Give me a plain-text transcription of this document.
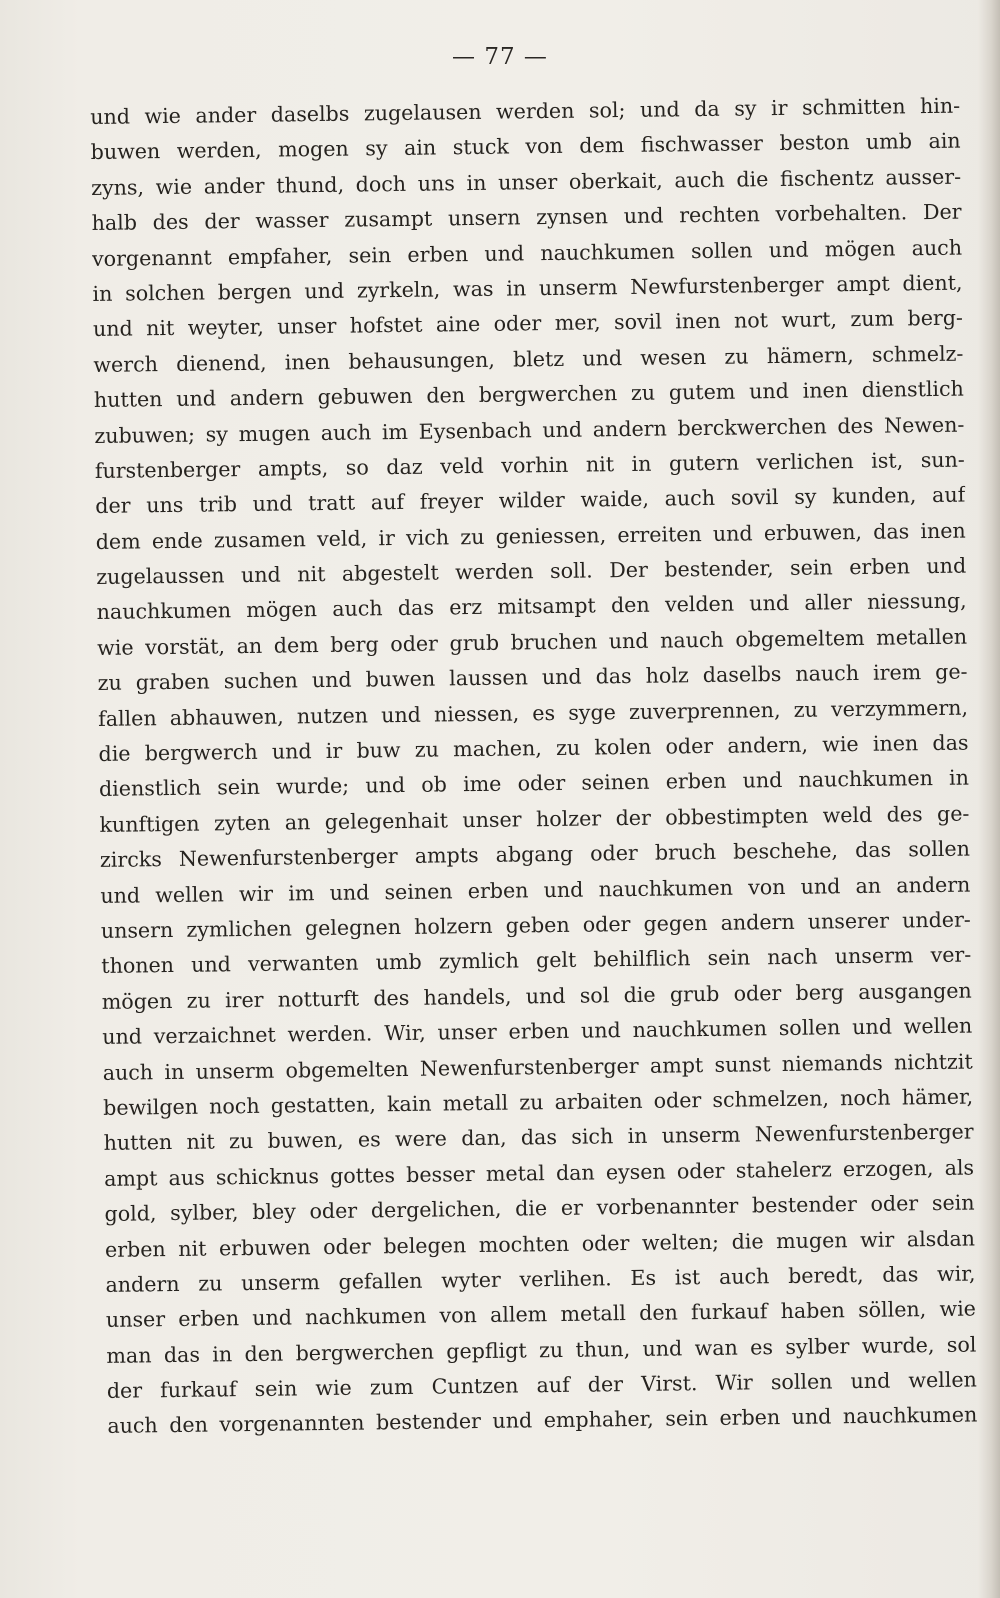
— 77 —
und wie ander daselbs zugelausen werden sol; und da sy ir schmitten hin-
buwen werden, mogen sy ain stuck von dem fischwasser beston umb ain
zyns, wie ander thund, doch uns in unser oberkait, auch die fischentz ausser-
halb des der wasser zusampt unsern zynsen und rechten vorbehalten. Der
vorgenannt empfaher, sein erben und nauchkumen sollen und mögen auch
in solchen bergen und zyrkeln, was in unserm Newfurstenberger ampt dient,
und nit weyter, unser hofstet aine oder mer, sovil inen not wurt, zum berg-
werch dienend, inen behausungen, bletz und wesen zu hämern, schmelz-
hutten und andern gebuwen den bergwerchen zu gutem und inen dienstlich
zubuwen; sy mugen auch im Eysenbach und andern berckwerchen des Newen-
furstenberger ampts, so daz veld vorhin nit in gutern verlichen ist, sun-
der uns trib und tratt auf freyer wilder waide, auch sovil sy kunden, auf
dem ende zusamen veld, ir vich zu geniessen, erreiten und erbuwen, das inen
zugelaussen und nit abgestelt werden soll. Der bestender, sein erben und
nauchkumen mögen auch das erz mitsampt den velden und aller niessung,
wie vorstät, an dem berg oder grub bruchen und nauch obgemeltem metallen
zu graben suchen und buwen laussen und das holz daselbs nauch irem ge-
fallen abhauwen, nutzen und niessen, es syge zuverprennen, zu verzymmern,
die bergwerch und ir buw zu machen, zu kolen oder andern, wie inen das
dienstlich sein wurde; und ob ime oder seinen erben und nauchkumen in
kunftigen zyten an gelegenhait unser holzer der obbestimpten weld des ge-
zircks Newenfurstenberger ampts abgang oder bruch beschehe, das sollen
und wellen wir im und seinen erben und nauchkumen von und an andern
unsern zymlichen gelegnen holzern geben oder gegen andern unserer under-
thonen und verwanten umb zymlich gelt behilflich sein nach unserm ver-
mögen zu irer notturft des handels, und sol die grub oder berg ausgangen
und verzaichnet werden. Wir, unser erben und nauchkumen sollen und wellen
auch in unserm obgemelten Newenfurstenberger ampt sunst niemands nichtzit
bewilgen noch gestatten, kain metall zu arbaiten oder schmelzen, noch hämer,
hutten nit zu buwen, es were dan, das sich in unserm Newenfurstenberger
ampt aus schicknus gottes besser metal dan eysen oder stahelerz erzogen, als
gold, sylber, bley oder dergelichen, die er vorbenannter bestender oder sein
erben nit erbuwen oder belegen mochten oder welten; die mugen wir alsdan
andern zu unserm gefallen wyter verlihen. Es ist auch beredt, das wir,
unser erben und nachkumen von allem metall den furkauf haben söllen, wie
man das in den bergwerchen gepfligt zu thun, und wan es sylber wurde, sol
der furkauf sein wie zum Cuntzen auf der Virst. Wir sollen und wellen
auch den vorgenannten bestender und emphaher, sein erben und nauchkumen
